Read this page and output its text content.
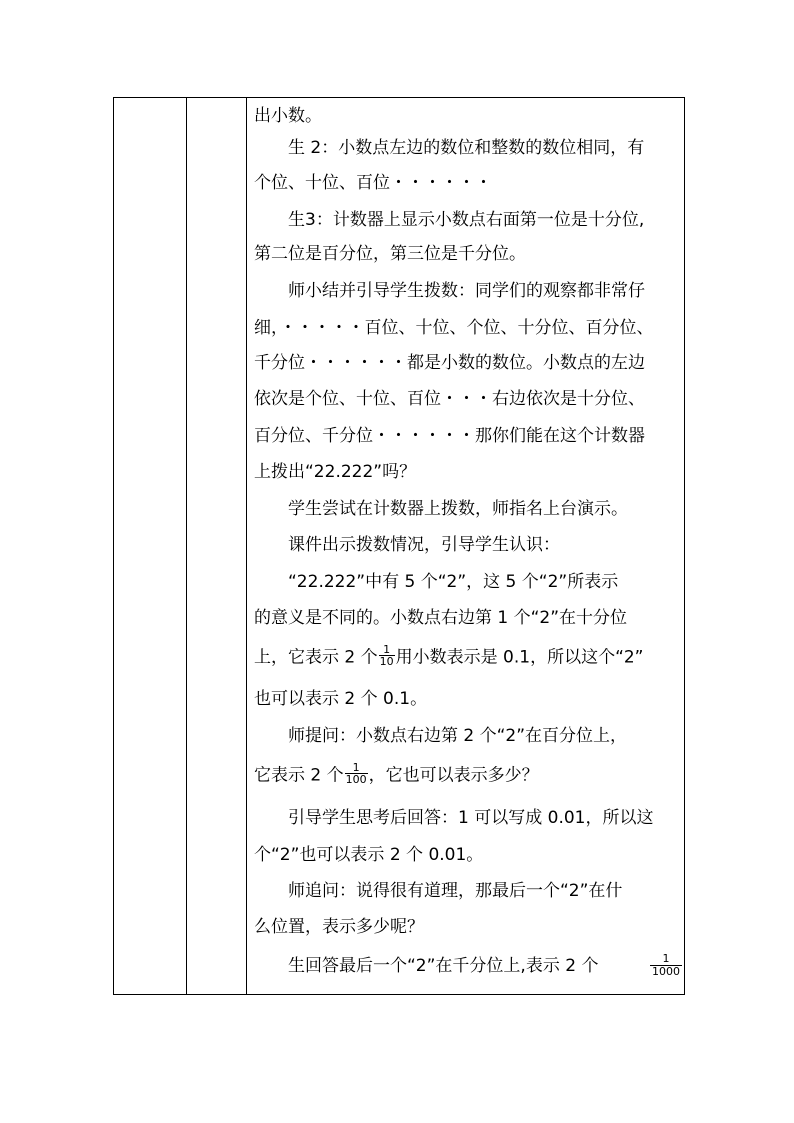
出小数。
生 2：小数点左边的数位和整数的数位相同，有
个位、十位、百位・・・・・・
生3：计数器上显示小数点右面第一位是十分位,
第二位是百分位，第三位是千分位。
师小结并引导学生拨数：同学们的观察都非常仔
细，・・・・・百位、十位、个位、十分位、百分位、
千分位・・・・・・都是小数的数位。小数点的左边
依次是个位、十位、百位・・・右边依次是十分位、
百分位、千分位・・・・・・那你们能在这个计数器
上拨出“22.222”吗？
学生尝试在计数器上拨数，师指名上台演示。
课件出示拨数情况，引导学生认识：
“22.222”中有 5 个“2”，这 5 个“2”所表示
的意义是不同的。小数点右边第 1 个“2”在十分位
上，它表示 2 个 $\frac{1}{10}$ 用小数表示是 0.1，所以这个“2”
也可以表示 2 个 0.1。
师提问：小数点右边第 2 个“2”在百分位上，
它表示 2 个 $\frac{1}{100}$ ，它也可以表示多少？
引导学生思考后回答：1 可以写成 0.01，所以这
个“2”也可以表示 2 个 0.01。
师追问：说得很有道理，那最后一个“2”在什
么位置，表示多少呢？
生回答最后一个“2”在千分位上,表示 2 个	$\frac{1}{1000}$
